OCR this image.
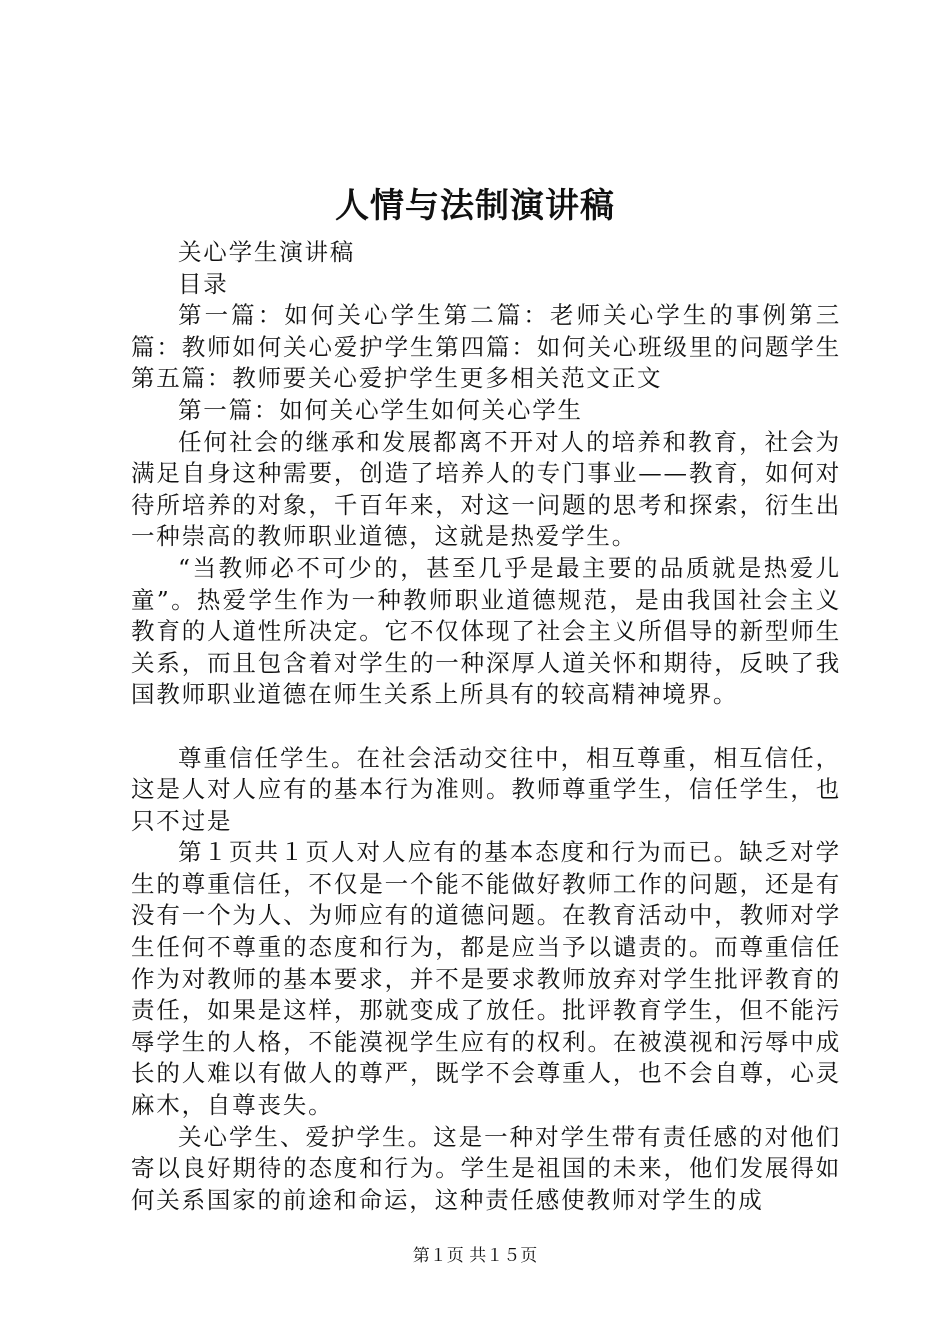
人情与法制演讲稿

关心学生演讲稿

目录

第一篇：如何关心学生第二篇：老师关心学生的事例第三篇：教师如何关心爱护学生第四篇：如何关心班级里的问题学生第五篇：教师要关心爱护学生更多相关范文正文

第一篇：如何关心学生如何关心学生

任何社会的继承和发展都离不开对人的培养和教育，社会为满足自身这种需要，创造了培养人的专门事业——教育，如何对待所培养的对象，千百年来，对这一问题的思考和探索，衍生出一种崇高的教师职业道德，这就是热爱学生。

“当教师必不可少的，甚至几乎是最主要的品质就是热爱儿童”。热爱学生作为一种教师职业道德规范，是由我国社会主义教育的人道性所决定。它不仅体现了社会主义所倡导的新型师生关系，而且包含着对学生的一种深厚人道关怀和期待，反映了我国教师职业道德在师生关系上所具有的较高精神境界。

尊重信任学生。在社会活动交往中，相互尊重，相互信任，这是人对人应有的基本行为准则。教师尊重学生，信任学生，也只不过是

第１页共１页人对人应有的基本态度和行为而已。缺乏对学生的尊重信任，不仅是一个能不能做好教师工作的问题，还是有没有一个为人、为师应有的道德问题。在教育活动中，教师对学生任何不尊重的态度和行为，都是应当予以谴责的。而尊重信任作为对教师的基本要求，并不是要求教师放弃对学生批评教育的责任，如果是这样，那就变成了放任。批评教育学生，但不能污辱学生的人格，不能漠视学生应有的权利。在被漠视和污辱中成长的人难以有做人的尊严，既学不会尊重人，也不会自尊，心灵麻木，自尊丧失。

关心学生、爱护学生。这是一种对学生带有责任感的对他们寄以良好期待的态度和行为。学生是祖国的未来，他们发展得如何关系国家的前途和命运，这种责任感使教师对学生的成

第１页 共１５页
